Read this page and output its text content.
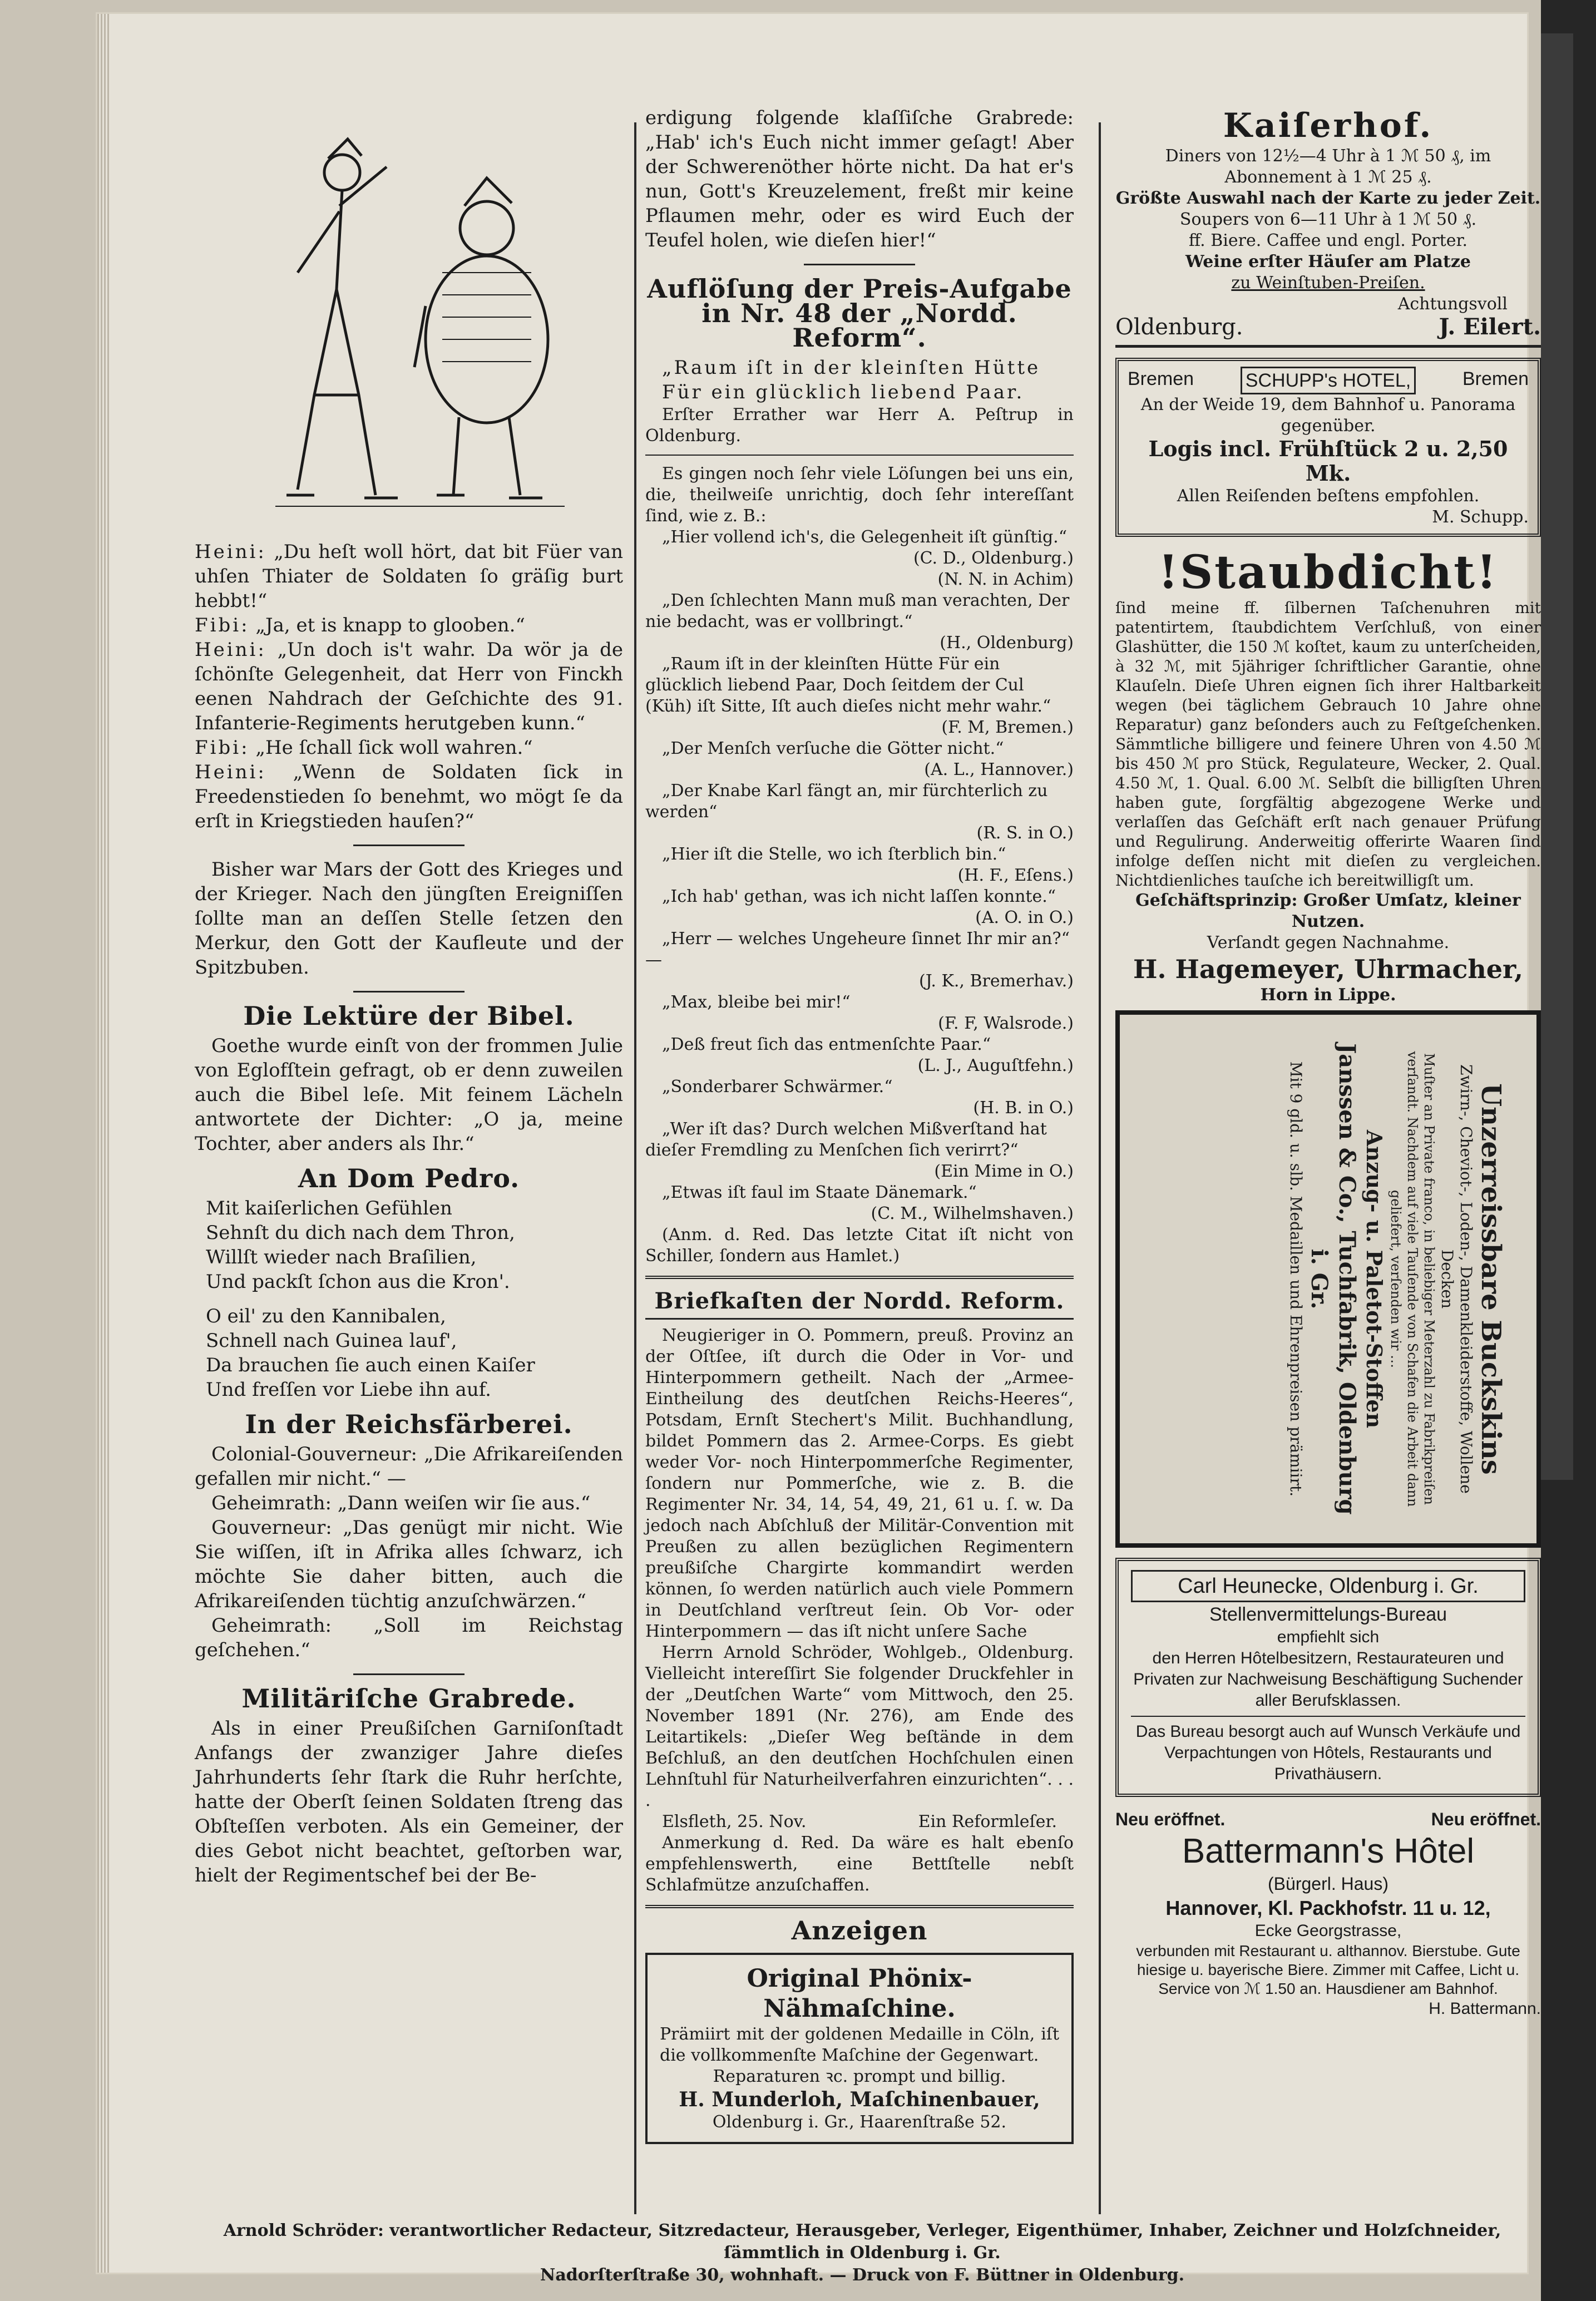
Heini: „Du heſt woll hört, dat bit Füer van uhſen Thiater de Soldaten ſo gräſig burt hebbt!“

Fibi: „Ja, et is knapp to glooben.“

Heini: „Un doch is't wahr. Da wör ja de ſchönſte Gelegenheit, dat Herr von Finckh eenen Nahdrach der Geſchichte des 91. Infanterie-Regiments herutgeben kunn.“

Fibi: „He ſchall ſick woll wahren.“

Heini: „Wenn de Soldaten ſick in Freedenstieden ſo benehmt, wo mögt ſe da erſt in Kriegstieden hauſen?“

Bisher war Mars der Gott des Krieges und der Krieger. Nach den jüngſten Ereigniſſen ſollte man an deſſen Stelle ſetzen den Merkur, den Gott der Kaufleute und der Spitzbuben.

Die Lektüre der Bibel.

Goethe wurde einſt von der frommen Julie von Eglofſtein gefragt, ob er denn zuweilen auch die Bibel leſe. Mit feinem Lächeln antwortete der Dichter: „O ja, meine Tochter, aber anders als Ihr.“

An Dom Pedro.

Mit kaiſerlichen Gefühlen

Sehnſt du dich nach dem Thron,

Willſt wieder nach Braſilien,

Und packſt ſchon aus die Kron'.

O eil' zu den Kannibalen,

Schnell nach Guinea lauf',

Da brauchen ſie auch einen Kaiſer

Und freſſen vor Liebe ihn auf.

In der Reichsfärberei.

Colonial-Gouverneur: „Die Afrikareiſenden gefallen mir nicht.“ —

Geheimrath: „Dann weiſen wir ſie aus.“

Gouverneur: „Das genügt mir nicht. Wie Sie wiſſen, iſt in Afrika alles ſchwarz, ich möchte Sie daher bitten, auch die Afrikareiſenden tüchtig anzuſchwärzen.“

Geheimrath: „Soll im Reichstag geſchehen.“

Militäriſche Grabrede.

Als in einer Preußiſchen Garniſonſtadt Anfangs der zwanziger Jahre dieſes Jahrhunderts ſehr ſtark die Ruhr herſchte, hatte der Oberſt ſeinen Soldaten ſtreng das Obſteſſen verboten. Als ein Gemeiner, der dies Gebot nicht beachtet, geſtorben war, hielt der Regimentschef bei der Be-

erdigung folgende klaſſiſche Grabrede: „Hab' ich's Euch nicht immer geſagt! Aber der Schwerenöther hörte nicht. Da hat er's nun, Gott's Kreuzelement, freßt mir keine Pflaumen mehr, oder es wird Euch der Teufel holen, wie dieſen hier!“

Auflöſung der Preis-Aufgabe

in Nr. 48 der „Nordd. Reform“.

„Raum iſt in der kleinſten Hütte

Für ein glücklich liebend Paar.

Erſter Errather war Herr A. Peſtrup in Oldenburg.

Es gingen noch ſehr viele Löſungen bei uns ein, die, theilweiſe unrichtig, doch ſehr intereſſant ſind, wie z. B.:

„Hier vollend ich's, die Gelegenheit iſt günſtig.“

(C. D., Oldenburg.)

(N. N. in Achim)

„Den ſchlechten Mann muß man verachten, Der nie bedacht, was er vollbringt.“

(H., Oldenburg)

„Raum iſt in der kleinſten Hütte Für ein glücklich liebend Paar, Doch ſeitdem der Cul (Küh) iſt Sitte, Iſt auch dieſes nicht mehr wahr.“

(F. M, Bremen.)

„Der Menſch verſuche die Götter nicht.“

(A. L., Hannover.)

„Der Knabe Karl fängt an, mir fürchterlich zu werden“

(R. S. in O.)

„Hier iſt die Stelle, wo ich ſterblich bin.“

(H. F., Eſens.)

„Ich hab' gethan, was ich nicht laſſen konnte.“

(A. O. in O.)

„Herr — welches Ungeheure ſinnet Ihr mir an?“ —

(J. K., Bremerhav.)

„Max, bleibe bei mir!“

(F. F, Walsrode.)

„Deß freut ſich das entmenſchte Paar.“

(L. J., Auguſtfehn.)

„Sonderbarer Schwärmer.“

(H. B. in O.)

„Wer iſt das? Durch welchen Mißverſtand hat dieſer Fremdling zu Menſchen ſich verirrt?“

(Ein Mime in O.)

„Etwas iſt faul im Staate Dänemark.“

(C. M., Wilhelmshaven.)

(Anm. d. Red. Das letzte Citat iſt nicht von Schiller, ſondern aus Hamlet.)

Briefkaſten der Nordd. Reform.

Neugieriger in O. Pommern, preuß. Provinz an der Oſtſee, iſt durch die Oder in Vor- und Hinterpommern getheilt. Nach der „Armee-Eintheilung des deutſchen Reichs-Heeres“, Potsdam, Ernſt Stechert's Milit. Buchhandlung, bildet Pommern das 2. Armee-Corps. Es giebt weder Vor- noch Hinterpommerſche Regimenter, ſondern nur Pommerſche, wie z. B. die Regimenter Nr. 34, 14, 54, 49, 21, 61 u. ſ. w. Da jedoch nach Abſchluß der Militär-Convention mit Preußen zu allen bezüglichen Regimentern preußiſche Chargirte kommandirt werden können, ſo werden natürlich auch viele Pommern in Deutſchland verſtreut ſein. Ob Vor- oder Hinterpommern — das iſt nicht unſere Sache

Herrn Arnold Schröder, Wohlgeb., Oldenburg. Vielleicht intereſſirt Sie folgender Druckfehler in der „Deutſchen Warte“ vom Mittwoch, den 25. November 1891 (Nr. 276), am Ende des Leitartikels: „Dieſer Weg beſtände in dem Beſchluß, an den deutſchen Hochſchulen einen Lehnſtuhl für Naturheilverfahren einzurichten“. . . .

Elsfleth, 25. Nov.	Ein Reformleſer.

Anmerkung d. Red. Da wäre es halt ebenſo empfehlenswerth, eine Bettſtelle nebſt Schlafmütze anzuſchaffen.

Anzeigen

Original Phönix-Nähmaſchine.

Prämiirt mit der goldenen Medaille in Cöln, iſt die vollkommenſte Maſchine der Gegenwart.

Reparaturen ꝛc. prompt und billig.

H. Munderloh, Maſchinenbauer,

Oldenburg i. Gr., Haarenſtraße 52.

Kaiſerhof.

Diners von 12½—4 Uhr à 1 ℳ 50 ₰, im Abonnement à 1 ℳ 25 ₰.

Größte Auswahl nach der Karte zu jeder Zeit.

Soupers von 6—11 Uhr à 1 ℳ 50 ₰.

ff. Biere. Caffee und engl. Porter.

Weine erſter Häuſer am Platze

zu Weinſtuben-Preiſen.

Achtungsvoll

Oldenburg.	J. Eilert.

Bremen	SCHUPP's HOTEL,	Bremen

An der Weide 19, dem Bahnhof u. Panorama gegenüber.

Logis incl. Frühſtück 2 u. 2,50 Mk.

Allen Reiſenden beſtens empfohlen.

M. Schupp.

!Staubdicht!

ſind meine ff. ſilbernen Taſchenuhren mit patentirtem, ſtaubdichtem Verſchluß, von einer Glashütter, die 150 ℳ koſtet, kaum zu unterſcheiden, à 32 ℳ, mit 5jähriger ſchriftlicher Garantie, ohne Klauſeln. Dieſe Uhren eignen ſich ihrer Haltbarkeit wegen (bei täglichem Gebrauch 10 Jahre ohne Reparatur) ganz beſonders auch zu Feſtgeſchenken. Sämmtliche billigere und feinere Uhren von 4.50 ℳ bis 450 ℳ pro Stück, Regulateure, Wecker, 2. Qual. 4.50 ℳ, 1. Qual. 6.00 ℳ. Selbſt die billigſten Uhren haben gute, ſorgfältig abgezogene Werke und verlaſſen das Geſchäft erſt nach genauer Prüfung und Regulirung. Anderweitig offerirte Waaren ſind infolge deſſen nicht mit dieſen zu vergleichen. Nichtdienliches tauſche ich bereitwilligſt um.

Geſchäftsprinzip: Großer Umſatz, kleiner Nutzen.

Verſandt gegen Nachnahme.

H. Hagemeyer, Uhrmacher,

Horn in Lippe.

Unzerreissbare Buckskins

Zwirn-, Cheviot-, Loden-, Damenkleiderstoffe, Wollene Decken

Muſter an Private franco, in beliebiger Meterzahl zu Fabrikpreiſen verſandt. Nachdem auf viele Tauſende von Schafen die Arbeit dann geliefert, verſenden wir …

Anzug- u. Paletot-Stoffen

Janssen & Co., Tuchfabrik, Oldenburg i. Gr.

Mit 9 gld. u. slb. Medaillen und Ehrenpreisen prämiirt.

Carl Heunecke, Oldenburg i. Gr.

Stellenvermittelungs-Bureau

empfiehlt sich

den Herren Hôtelbesitzern, Restaurateuren und Privaten zur Nachweisung Beschäftigung Suchender aller Berufsklassen.

Das Bureau besorgt auch auf Wunsch Verkäufe und Verpachtungen von Hôtels, Restaurants und Privathäusern.

Neu eröffnet.	Neu eröffnet.

Battermann's Hôtel

(Bürgerl. Haus)

Hannover, Kl. Packhofstr. 11 u. 12,

Ecke Georgstrasse,

verbunden mit Restaurant u. althannov. Bierstube. Gute hiesige u. bayerische Biere. Zimmer mit Caffee, Licht u. Service von ℳ 1.50 an. Hausdiener am Bahnhof.

H. Battermann.

Arnold Schröder: verantwortlicher Redacteur, Sitzredacteur, Herausgeber, Verleger, Eigenthümer, Inhaber, Zeichner und Holzſchneider, ſämmtlich in Oldenburg i. Gr.

Nadorſterſtraße 30, wohnhaft. — Druck von F. Büttner in Oldenburg.
